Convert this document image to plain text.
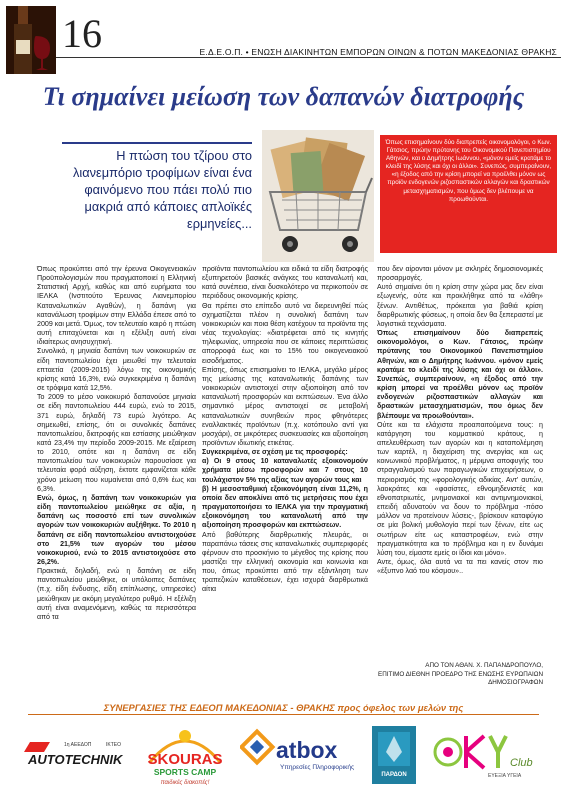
16	Ε.Δ.Ε.Ο.Π. • ΕΝΩΣΗ ΔΙΑΚΙΝΗΤΩΝ ΕΜΠΟΡΩΝ ΟΙΝΩΝ & ΠΟΤΩΝ ΜΑΚΕΔΟΝΙΑΣ ΘΡΑΚΗΣ
Τι σημαίνει μείωση των δαπανών διατροφής
Η πτώση του τζίρου στο λιανεμπόριο τροφίμων είναι ένα φαινόμενο που πάει πολύ πιο μακριά από κάποιες απλοϊκές ερμηνείες...
Όπως επισημαίνουν δύο διαπρεπείς οικονομολόγοι, ο Κων. Γάτσιος, πρώην πρύτανης του Οικονομικού Πανεπιστημίου Αθηνών, και ο Δημήτρης Ιωάννου, «μόνον εμείς κρατάμε το κλειδί της λύσης και όχι οι άλλοι». Συνεπώς, συμπεραίνουν, «η έξοδος από την κρίση μπορεί να προέλθει μόνον ως προϊόν ενδογενών ριζοσπαστικών αλλαγών και δραστικών μετασχηματισμών, που όμως δεν βλέπουμε να προωθούνται.

Όπως προκύπτει από την έρευνα Οικογενειακών Προϋπολογισμών που πραγματοποιεί η Ελληνική Στατιστική Αρχή, καθώς και από ευρήματα του ΙΕΛΚΑ (Ινστιτούτο Έρευνας Λιανεμπορίου Καταναλωτικών Αγαθών), η δαπάνη για κατανάλωση τροφίμων στην Ελλάδα έπεσε από το 2009 και μετά. Όμως, τον τελευταίο καιρό η πτώση αυτή επιταχύνεται και η εξέλιξη αυτή είναι ιδιαίτερως ανησυχητική.

Συνολικά, η μηνιαία δαπάνη των νοικοκυριών σε είδη παντοπωλείου έχει μειωθεί την τελευταία επταετία (2009-2015) λόγω της οικονομικής κρίσης κατά 16,3%, ενώ συγκεκριμένα η δαπάνη σε τρόφιμα κατά 12,5%.

Το 2009 το μέσο νοικοκυριό δαπανούσε μηνιαία σε είδη παντοπωλείου 444 ευρώ, ενώ το 2015, 371 ευρώ, δηλαδή 73 ευρώ λιγότερο. Ας σημειωθεί, επίσης, ότι οι συνολικές δαπάνες παντοπωλείου, διατροφής και εστίασης μειώθηκαν κατά 23,4% την περίοδο 2009-2015. Με εξαίρεση το 2010, οπότε και η δαπάνη σε είδη παντοπωλείου των νοικοκυριών παρουσίασε για τελευταία φορά αύξηση, έκτοτε εμφανίζεται κάθε χρόνο μείωση που κυμαίνεται από 0,6% έως και 6,3%.

Ενώ, όμως, η δαπάνη των νοικοκυριών για είδη παντοπωλείου μειώθηκε σε αξία, η δαπάνη ως ποσοστό επί των συνολικών αγορών των νοικοκυριών αυξήθηκε. Το 2010 η δαπάνη σε είδη παντοπωλείου αντιστοιχούσε στο 21,5% των αγορών του μέσου νοικοκυριού, ενώ το 2015 αντιστοιχούσε στο 26,2%.

Πρακτικά, δηλαδή, ενώ η δαπάνη σε είδη παντοπωλείου μειώθηκε, οι υπόλοιπες δαπάνες (π.χ. είδη ένδυσης, είδη επίπλωσης, υπηρεσίες) μειώθηκαν με ακόμη μεγαλύτερο ρυθμό. Η εξέλιξη αυτή είναι αναμενόμενη, καθώς τα περισσότερα από τα

προϊόντα παντοπωλείου και ειδικά τα είδη διατροφής εξυπηρετούν βασικές ανάγκες του καταναλωτή και, κατά συνέπεια, είναι δυσκολότερο να περικοπούν σε περιόδους οικονομικής κρίσης.

Θα πρέπει στο επίπεδο αυτό να διερευνηθεί πώς σχηματίζεται πλέον η συνολική δαπάνη των νοικοκυριών και ποια θέση κατέχουν τα προϊόντα της νέας τεχνολογίας: «διατρέφεται από τις κινητής τηλεφωνίας, υπηρεσία που σε κάποιες περιπτώσεις απορροφά έως και το 15% του οικογενειακού εισοδήματος.

Επίσης, όπως επισημαίνει το ΙΕΛΚΑ, μεγάλο μέρος της μείωσης της καταναλωτικής δαπάνης των νοικοκυριών αντιστοιχεί στην αξιοποίηση από τον καταναλωτή προσφορών και εκπτώσεων. Ένα άλλο σημαντικό μέρος αντιστοιχεί σε μεταβολή καταναλωτικών συνηθειών προς φθηνότερες εναλλακτικές προϊόντων (π.χ. κοτόπουλο αντί για μοσχάρι), σε μικρότερες συσκευασίες και αξιοποίηση προϊόντων ιδιωτικής ετικέτας.

Συγκεκριμένα, σε σχέση με τις προσφορές:

α) Οι 9 στους 10 καταναλωτές εξοικονομούν χρήματα μέσω προσφορών και 7 στους 10 τουλάχιστον 5% της αξίας των αγορών τους και

β) Η μεσοσταθμική εξοικονόμηση είναι 11,2%, η οποία δεν αποκλίνει από τις μετρήσεις που έχει πραγματοποιήσει το ΙΕΛΚΑ για την πραγματική εξοικονόμηση του καταναλωτή από την αξιοποίηση προσφορών και εκπτώσεων.

Από βαθύτερης διαρθρωτικής πλευράς, οι παραπάνω τάσεις στις καταναλωτικές συμπεριφορές φέρνουν στο προσκήνιο το μέγεθος της κρίσης που μαστίζει την ελληνική οικονομία και κοινωνία και που, όπως προκύπτει από την εξάντληση των τραπεζικών καταθέσεων, έχει ισχυρά διαρθρωτικά αίτια

που δεν αίρονται μόνον με σκληρές δημοσιονομικές προσαρμογές.

Αυτό σημαίνει ότι η κρίση στην χώρα μας δεν είναι εξωγενής, ούτε και προκλήθηκε από τα «λάθη» ξένων. Αντιθέτως, πρόκειται για βαθιά κρίση διαρθρωτικής φύσεως, η οποία δεν θα ξεπεραστεί με λογιστικά τεχνάσματα.

Όπως επισημαίνουν δύο διαπρεπείς οικονομολόγοι, ο Κων. Γάτσιος, πρώην πρύτανης του Οικονομικού Πανεπιστημίου Αθηνών, και ο Δημήτρης Ιωάννου. «μόνον εμείς κρατάμε το κλειδί της λύσης και όχι οι άλλοι». Συνεπώς, συμπεραίνουν, «η έξοδος από την κρίση μπορεί να προέλθει μόνον ως προϊόν ενδογενών ριζοσπαστικών αλλαγών και δραστικών μετασχηματισμών, που όμως δεν βλέπουμε να προωθούνται».

Ούτε και τα ελάχιστα προαπαιτούμενα τους: η κατάργηση του κομματικού κράτους, η απελευθέρωση των αγορών και η καταπολέμηση των καρτέλ, η διαχείριση της ανεργίας και ως κοινωνικού προβλήματος, η μέριμνα αποφυγής του στραγγαλισμού των παραγωγικών επιχειρήσεων, ο περιορισμός της «φορολογικής αδικίας. Αντ' αυτών, λαοκράτες και «φασίστες, εθνομηδενιστές και εθνοπατριωτές, μνημονιακοί και αντιμνημονιακοί, επειδή αδυνατούν να δουν το πρόβλημα -πόσο μάλλον να προτείνουν λύσεις-, βρίσκουν καταφύγιο σε μία βολική μυθολογία περί των ξένων, είτε ως σωτήρων είτε ως καταστροφέων, ενώ στην πραγματικότητα και το πρόβλημα και η εν δυνάμει λύση του, είμαστε εμείς οι ίδιοι και μόνο».

Αντε, όμως, όλα αυτά να τα πει κανείς στον πιο «έξυπνο λαό του κόσμου»..

ΑΠΟ ΤΟΝ ΑΘΑΝ. Χ. ΠΑΠΑΝΔΡΟΠΟΥΛΟ,
ΕΠΙΤΙΜΟ ΔΙΕΘΝΗ ΠΡΟΕΔΡΟ ΤΗΣ ΕΝΩΣΗΣ ΕΥΡΩΠΑΙΩΝ ΔΗΜΟΣΙΟΓΡΑΦΩΝ
ΣΥΝΕΡΓΑΣΙΕΣ ΤΗΣ ΕΔΕΟΠ ΜΑΚΕΔΟΝΙΑΣ - ΘΡΑΚΗΣ προς όφελος των μελών της
1η ΑΕΕΔΟΠ	ΙΚΤΕΟ
AUTOTECHNIK SKOURAS
SPORTS CAMP
παιδικές διακοπές!
atbox
Υπηρεσίες Πληροφορικής
ΠΑΡΔΟΝ
Club
ΕΥΕΞΙΑ ΥΓΕΙΑ
